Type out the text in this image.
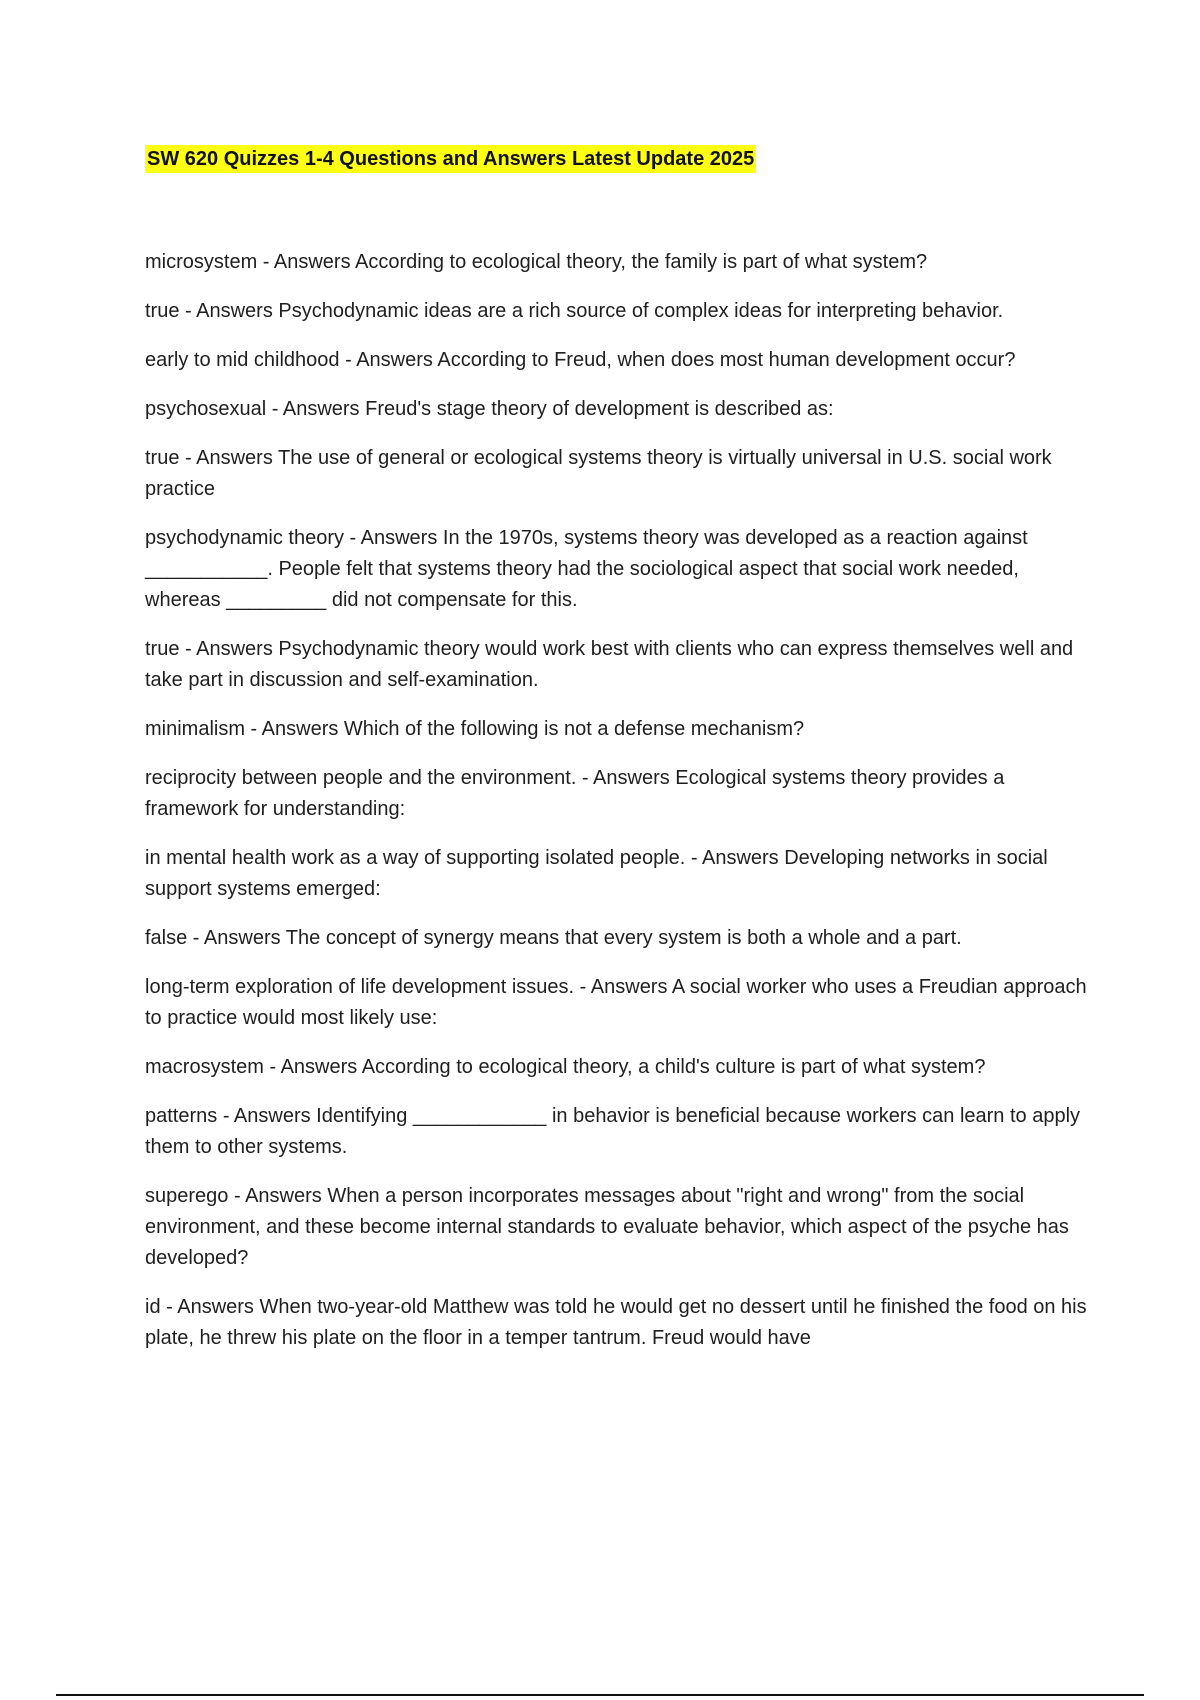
SW 620 Quizzes 1-4 Questions and Answers Latest Update 2025

microsystem - Answers According to ecological theory, the family is part of what system?

true - Answers Psychodynamic ideas are a rich source of complex ideas for interpreting behavior.

early to mid childhood - Answers According to Freud, when does most human development occur?

psychosexual - Answers Freud's stage theory of development is described as:

true - Answers The use of general or ecological systems theory is virtually universal in U.S. social work practice

psychodynamic theory - Answers In the 1970s, systems theory was developed as a reaction against ___________. People felt that systems theory had the sociological aspect that social work needed, whereas _________ did not compensate for this.

true - Answers Psychodynamic theory would work best with clients who can express themselves well and take part in discussion and self-examination.

minimalism - Answers Which of the following is not a defense mechanism?

reciprocity between people and the environment. - Answers Ecological systems theory provides a framework for understanding:

in mental health work as a way of supporting isolated people. - Answers Developing networks in social support systems emerged:

false - Answers The concept of synergy means that every system is both a whole and a part.

long-term exploration of life development issues. - Answers A social worker who uses a Freudian approach to practice would most likely use:

macrosystem - Answers According to ecological theory, a child's culture is part of what system?

patterns - Answers Identifying ____________ in behavior is beneficial because workers can learn to apply them to other systems.

superego - Answers When a person incorporates messages about "right and wrong" from the social environment, and these become internal standards to evaluate behavior, which aspect of the psyche has developed?

id - Answers When two-year-old Matthew was told he would get no dessert until he finished the food on his plate, he threw his plate on the floor in a temper tantrum. Freud would have
